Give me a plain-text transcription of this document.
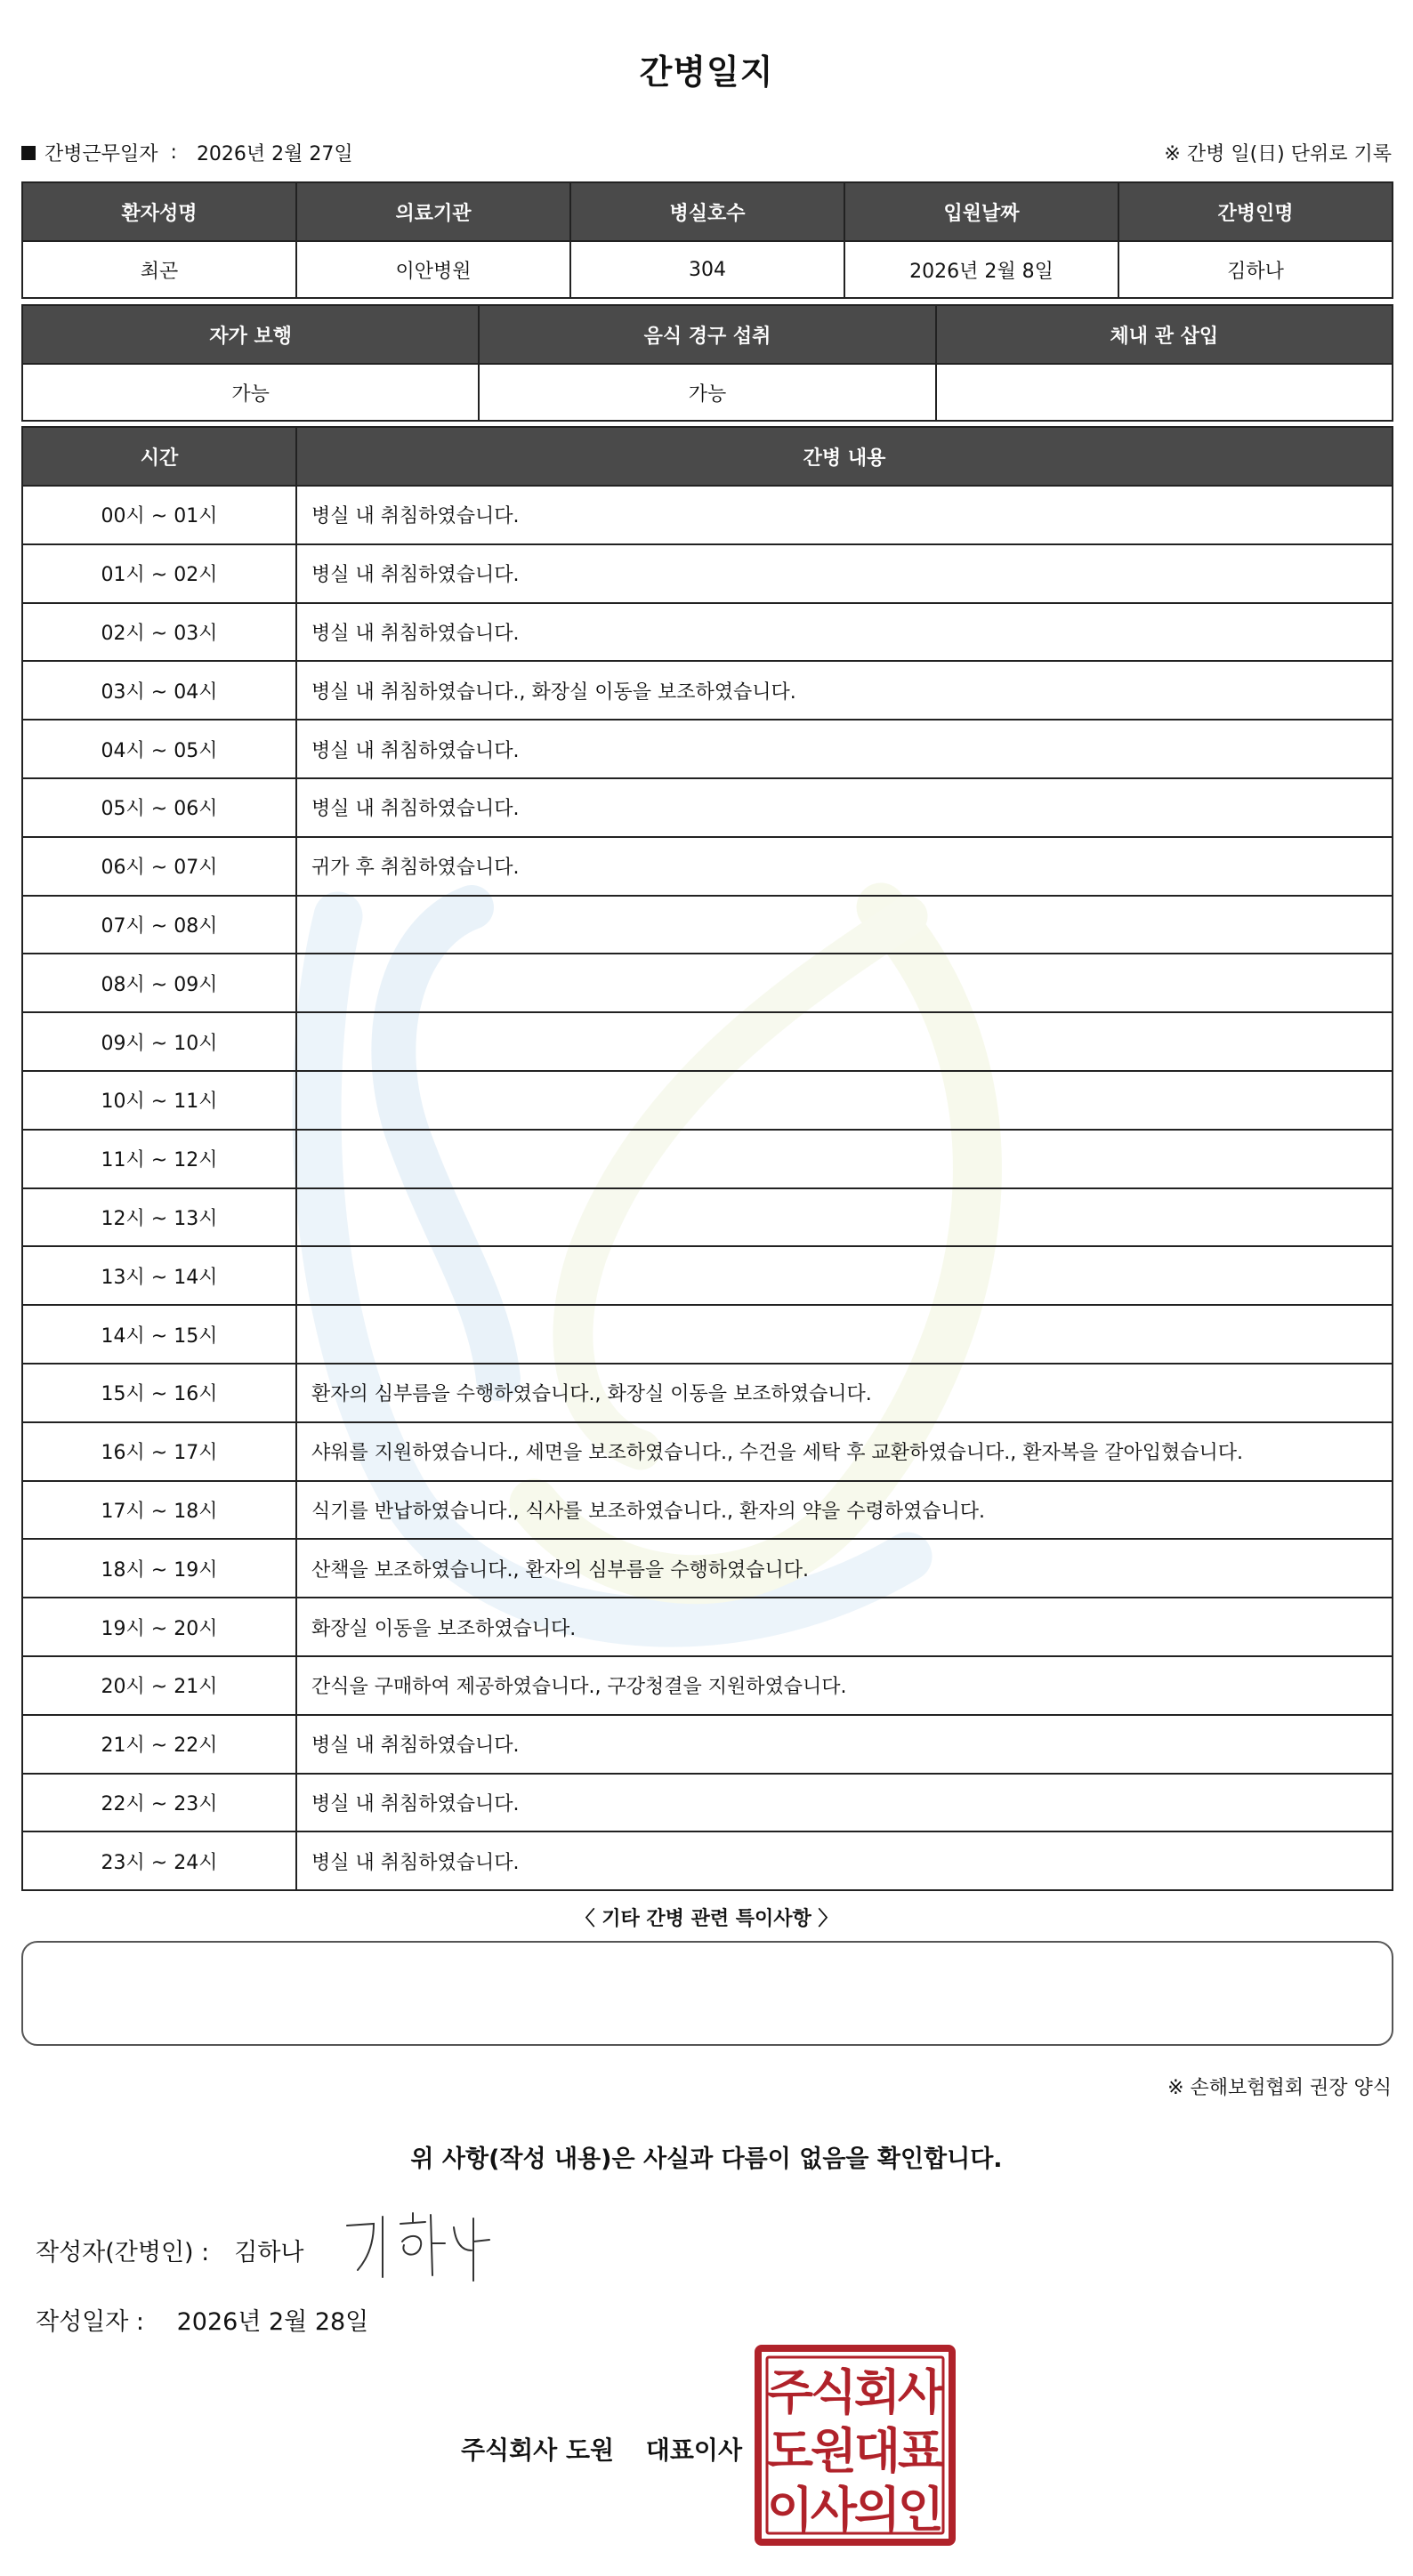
간병일지
간병근무일자 : 2026년 2월 27일	※ 간병 일(日) 단위로 기록
환자성명	의료기관	병실호수	입원날짜	간병인명
최곤	이안병원	304	2026년 2월 8일	김하나
자가 보행	음식 경구 섭취	체내 관 삽입
가능	가능	
시간	간병 내용
00시 ~ 01시	병실 내 취침하였습니다.
01시 ~ 02시	병실 내 취침하였습니다.
02시 ~ 03시	병실 내 취침하였습니다.
03시 ~ 04시	병실 내 취침하였습니다., 화장실 이동을 보조하였습니다.
04시 ~ 05시	병실 내 취침하였습니다.
05시 ~ 06시	병실 내 취침하였습니다.
06시 ~ 07시	귀가 후 취침하였습니다.
07시 ~ 08시	
08시 ~ 09시	
09시 ~ 10시	
10시 ~ 11시	
11시 ~ 12시	
12시 ~ 13시	
13시 ~ 14시	
14시 ~ 15시	
15시 ~ 16시	환자의 심부름을 수행하였습니다., 화장실 이동을 보조하였습니다.
16시 ~ 17시	샤워를 지원하였습니다., 세면을 보조하였습니다., 수건을 세탁 후 교환하였습니다., 환자복을 갈아입혔습니다.
17시 ~ 18시	식기를 반납하였습니다., 식사를 보조하였습니다., 환자의 약을 수령하였습니다.
18시 ~ 19시	산책을 보조하였습니다., 환자의 심부름을 수행하였습니다.
19시 ~ 20시	화장실 이동을 보조하였습니다.
20시 ~ 21시	간식을 구매하여 제공하였습니다., 구강청결을 지원하였습니다.
21시 ~ 22시	병실 내 취침하였습니다.
22시 ~ 23시	병실 내 취침하였습니다.
23시 ~ 24시	병실 내 취침하였습니다.
〈 기타 간병 관련 특이사항 〉
※ 손해보험협회 권장 양식
위 사항(작성 내용)은 사실과 다름이 없음을 확인합니다.
작성자(간병인) : 김하나
작성일자 : 2026년 2월 28일
주식회사 도원 대표이사
주
식
회
사
도
원
대
표
이
사
의
인
